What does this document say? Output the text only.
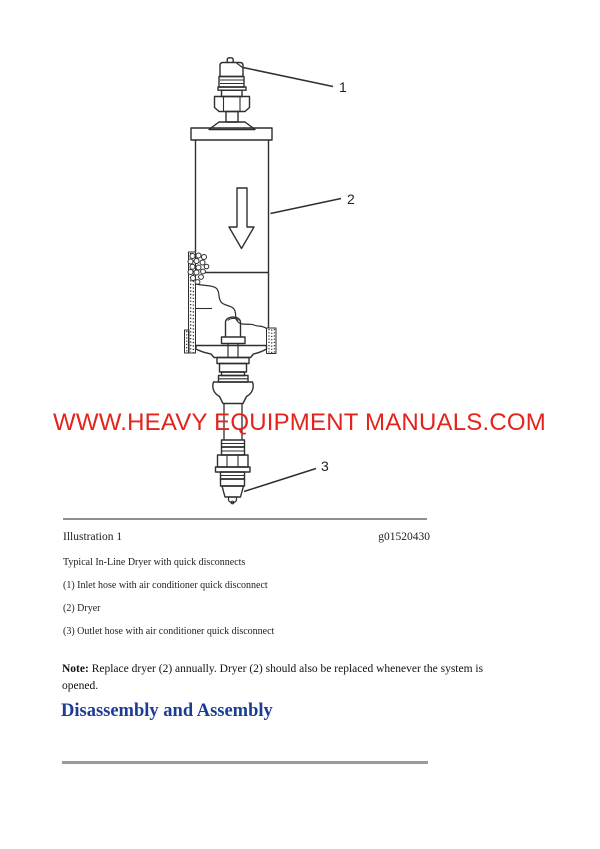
1
2
3
WWW.HEAVY EQUIPMENT MANUALS.COM
Illustration 1	g01520430
Typical In-Line Dryer with quick disconnects
(1) Inlet hose with air conditioner quick disconnect
(2) Dryer
(3) Outlet hose with air conditioner quick disconnect

Note: Replace dryer (2) annually. Dryer (2) should also be replaced whenever the system is opened.

Disassembly and Assembly
